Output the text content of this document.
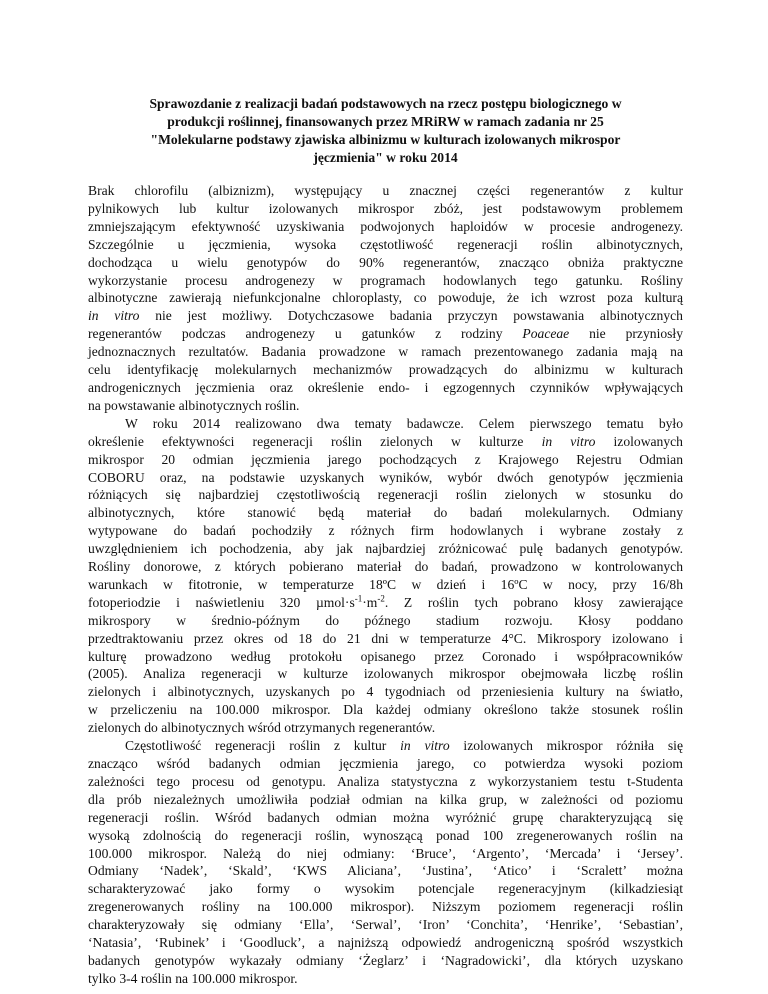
Sprawozdanie z realizacji badań podstawowych na rzecz postępu biologicznego w
produkcji roślinnej, finansowanych przez MRiRW w ramach zadania nr 25
"Molekularne podstawy zjawiska albinizmu w kulturach izolowanych mikrospor
jęczmienia" w roku 2014

Brak chlorofilu (albiznizm), występujący u znacznej części regenerantów z kultur
pylnikowych lub kultur izolowanych mikrospor zbóż, jest podstawowym problemem
zmniejszającym efektywność uzyskiwania podwojonych haploidów w procesie androgenezy.
Szczególnie u jęczmienia, wysoka częstotliwość regeneracji roślin albinotycznych,
dochodząca u wielu genotypów do 90% regenerantów, znacząco obniża praktyczne
wykorzystanie procesu androgenezy w programach hodowlanych tego gatunku. Rośliny
albinotyczne zawierają niefunkcjonalne chloroplasty, co powoduje, że ich wzrost poza kulturą
in vitro nie jest możliwy. Dotychczasowe badania przyczyn powstawania albinotycznych
regenerantów podczas androgenezy u gatunków z rodziny Poaceae nie przyniosły
jednoznacznych rezultatów. Badania prowadzone w ramach prezentowanego zadania mają na
celu identyfikację molekularnych mechanizmów prowadzących do albinizmu w kulturach
androgenicznych jęczmienia oraz określenie endo- i egzogennych czynników wpływających
na powstawanie albinotycznych roślin.

W roku 2014 realizowano dwa tematy badawcze. Celem pierwszego tematu było
określenie efektywności regeneracji roślin zielonych w kulturze in vitro izolowanych
mikrospor 20 odmian jęczmienia jarego pochodzących z Krajowego Rejestru Odmian
COBORU oraz, na podstawie uzyskanych wyników, wybór dwóch genotypów jęczmienia
różniących się najbardziej częstotliwością regeneracji roślin zielonych w stosunku do
albinotycznych, które stanowić będą materiał do badań molekularnych. Odmiany
wytypowane do badań pochodziły z różnych firm hodowlanych i wybrane zostały z
uwzględnieniem ich pochodzenia, aby jak najbardziej zróżnicować pulę badanych genotypów.
Rośliny donorowe, z których pobierano materiał do badań, prowadzono w kontrolowanych
warunkach w fitotronie, w temperaturze 18ºC w dzień i 16ºC w nocy, przy 16/8h
fotoperiodzie i naświetleniu 320 $\mu mol\cdot s^{-1}\cdot m^{-2}$. Z roślin tych pobrano kłosy zawierające
mikrospory w średnio-późnym do późnego stadium rozwoju. Kłosy poddano
przedtraktowaniu przez okres od 18 do 21 dni w temperaturze 4°C. Mikrospory izolowano i
kulturę prowadzono według protokołu opisanego przez Coronado i współpracowników
(2005). Analiza regeneracji w kulturze izolowanych mikrospor obejmowała liczbę roślin
zielonych i albinotycznych, uzyskanych po 4 tygodniach od przeniesienia kultury na światło,
w przeliczeniu na 100.000 mikrospor. Dla każdej odmiany określono także stosunek roślin
zielonych do albinotycznych wśród otrzymanych regenerantów.

Częstotliwość regeneracji roślin z kultur in vitro izolowanych mikrospor różniła się
znacząco wśród badanych odmian jęczmienia jarego, co potwierdza wysoki poziom
zależności tego procesu od genotypu. Analiza statystyczna z wykorzystaniem testu t-Studenta
dla prób niezależnych umożliwiła podział odmian na kilka grup, w zależności od poziomu
regeneracji roślin. Wśród badanych odmian można wyróżnić grupę charakteryzującą się
wysoką zdolnością do regeneracji roślin, wynoszącą ponad 100 zregenerowanych roślin na
100.000 mikrospor. Należą do niej odmiany: ‘Bruce’, ‘Argento’, ‘Mercada’ i ‘Jersey’.
Odmiany ‘Nadek’, ‘Skald’, ‘KWS Aliciana’, ‘Justina’, ‘Atico’ i ‘Scralett’ można
scharakteryzować jako formy o wysokim potencjale regeneracyjnym (kilkadziesiąt
zregenerowanych rośliny na 100.000 mikrospor). Niższym poziomem regeneracji roślin
charakteryzowały się odmiany ‘Ella’, ‘Serwal’, ‘Iron’ ‘Conchita’, ‘Henrike’, ‘Sebastian’,
‘Natasia’, ‘Rubinek’ i ‘Goodluck’, a najniższą odpowiedź androgeniczną spośród wszystkich
badanych genotypów wykazały odmiany ‘Żeglarz’ i ‘Nagradowicki’, dla których uzyskano
tylko 3-4 roślin na 100.000 mikrospor.
